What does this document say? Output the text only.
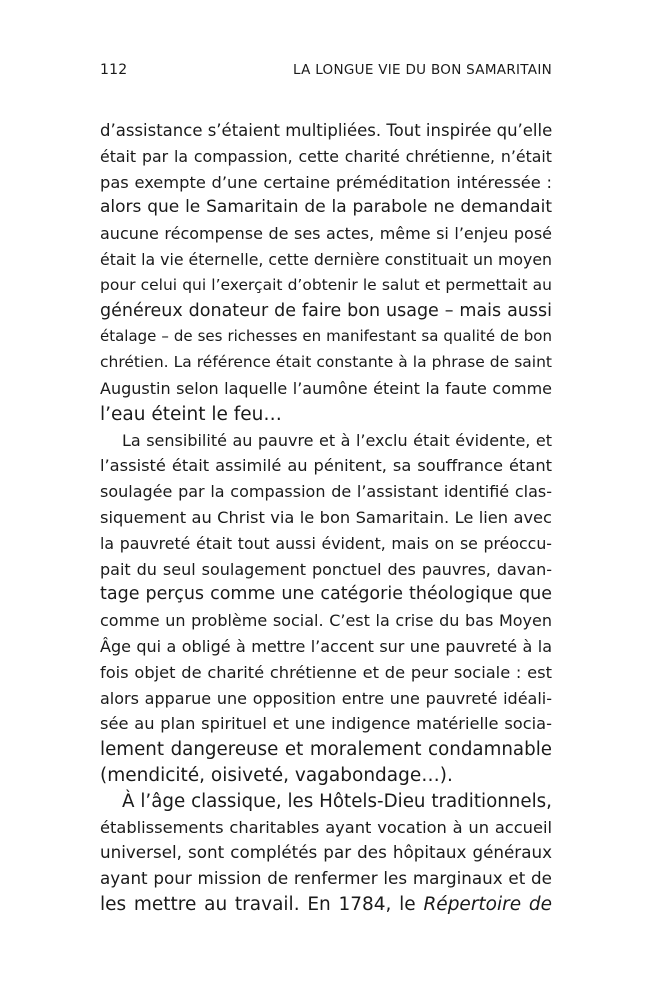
112	LA LONGUE VIE DU BON SAMARITAIN
d’assistance s’étaient multipliées. Tout inspirée qu’elle
était par la compassion, cette charité chrétienne, n’était
pas exempte d’une certaine préméditation intéressée :
alors que le Samaritain de la parabole ne demandait
aucune récompense de ses actes, même si l’enjeu posé
était la vie éternelle, cette dernière constituait un moyen
pour celui qui l’exerçait d’obtenir le salut et permettait au
généreux donateur de faire bon usage – mais aussi
étalage – de ses richesses en manifestant sa qualité de bon
chrétien. La référence était constante à la phrase de saint
Augustin selon laquelle l’aumône éteint la faute comme
l’eau éteint le feu…
La sensibilité au pauvre et à l’exclu était évidente, et
l’assisté était assimilé au pénitent, sa souffrance étant
soulagée par la compassion de l’assistant identifié clas-
siquement au Christ via le bon Samaritain. Le lien avec
la pauvreté était tout aussi évident, mais on se préoccu-
pait du seul soulagement ponctuel des pauvres, davan-
tage perçus comme une catégorie théologique que
comme un problème social. C’est la crise du bas Moyen
Âge qui a obligé à mettre l’accent sur une pauvreté à la
fois objet de charité chrétienne et de peur sociale : est
alors apparue une opposition entre une pauvreté idéali-
sée au plan spirituel et une indigence matérielle socia-
lement dangereuse et moralement condamnable
(mendicité, oisiveté, vagabondage…).
À l’âge classique, les Hôtels-Dieu traditionnels,
établissements charitables ayant vocation à un accueil
universel, sont complétés par des hôpitaux généraux
ayant pour mission de renfermer les marginaux et de
les mettre au travail. En 1784, le Répertoire de
